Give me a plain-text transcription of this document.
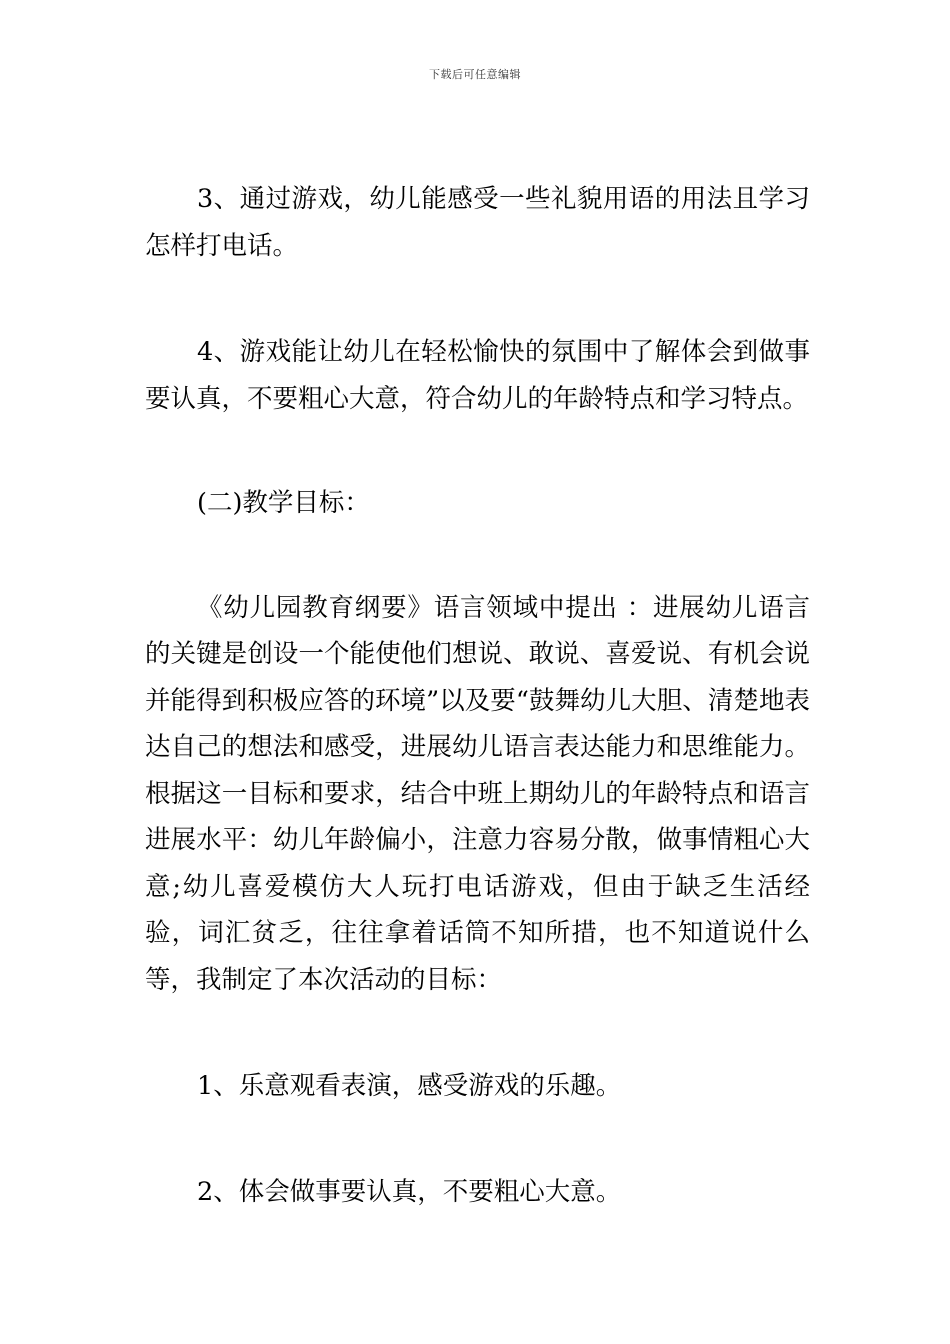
下载后可任意编辑

3、通过游戏，幼儿能感受一些礼貌用语的用法且学习怎样打电话。

4、游戏能让幼儿在轻松愉快的氛围中了解体会到做事要认真，不要粗心大意，符合幼儿的年龄特点和学习特点。

(二)教学目标：

《幼儿园教育纲要》语言领域中提出 ：进展幼儿语言的关键是创设一个能使他们想说、敢说、喜爱说、有机会说并能得到积极应答的环境”以及要“鼓舞幼儿大胆、清楚地表达自己的想法和感受，进展幼儿语言表达能力和思维能力。根据这一目标和要求，结合中班上期幼儿的年龄特点和语言进展水平：幼儿年龄偏小，注意力容易分散，做事情粗心大意;幼儿喜爱模仿大人玩打电话游戏，但由于缺乏生活经验，词汇贫乏，往往拿着话筒不知所措，也不知道说什么等，我制定了本次活动的目标：

1、乐意观看表演，感受游戏的乐趣。

2、体会做事要认真，不要粗心大意。
